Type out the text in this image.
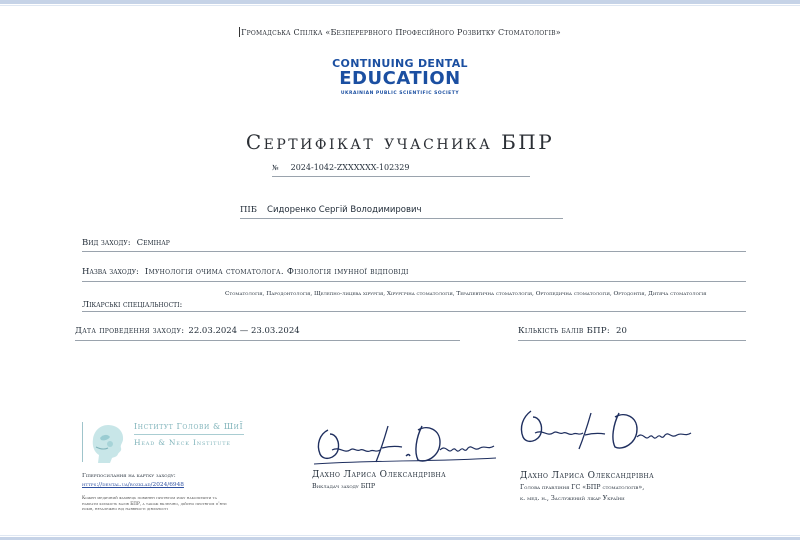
Громадська Спілка «Безперервного Професійного Розвитку Стоматологів»
CONTINUING DENTAL
EDUCATION
UKRAINIAN PUBLIC SCIENTIFIC SOCIETY
Сертифікат учасника БПР
№ 2024-1042-ZXXXXXX-102329
ПІБ Сидоренко Сергій Володимирович
Вид заходу: Семінар
Назва заходу: Імунологія очима стоматолога. Фізіологія імунної відповіді
Лікарські спеціальності:
Стоматологія, Пародонтологія, Щелепно-лицева хірургія, Хірургічна стоматологія, Терапевтична стоматологія, Ортопедична стоматологія, Ортодонтія, Дитяча стоматологія
Дата проведення заходу: 22.03.2024 — 23.03.2024	Кількість балів БПР: 20
Інститут Голови & ШиЇ
Head & Neck Institute
Гіперпосилання на картку заходу:
https://dental.ua/rozklad/2024/6948
Кожен медичний фахівець повинен протягом року накопичити та набрати кількість балів БПР, а також включно, дійсно протягом п'яти років, незалежно від наявності діяльності
Дахно Лариса Олександрівна
Викладач заходу БПР
Дахно Лариса Олександрівна
Голова правління ГС «БПР стоматологів»,
к. мед. н., Заслужений лікар України
